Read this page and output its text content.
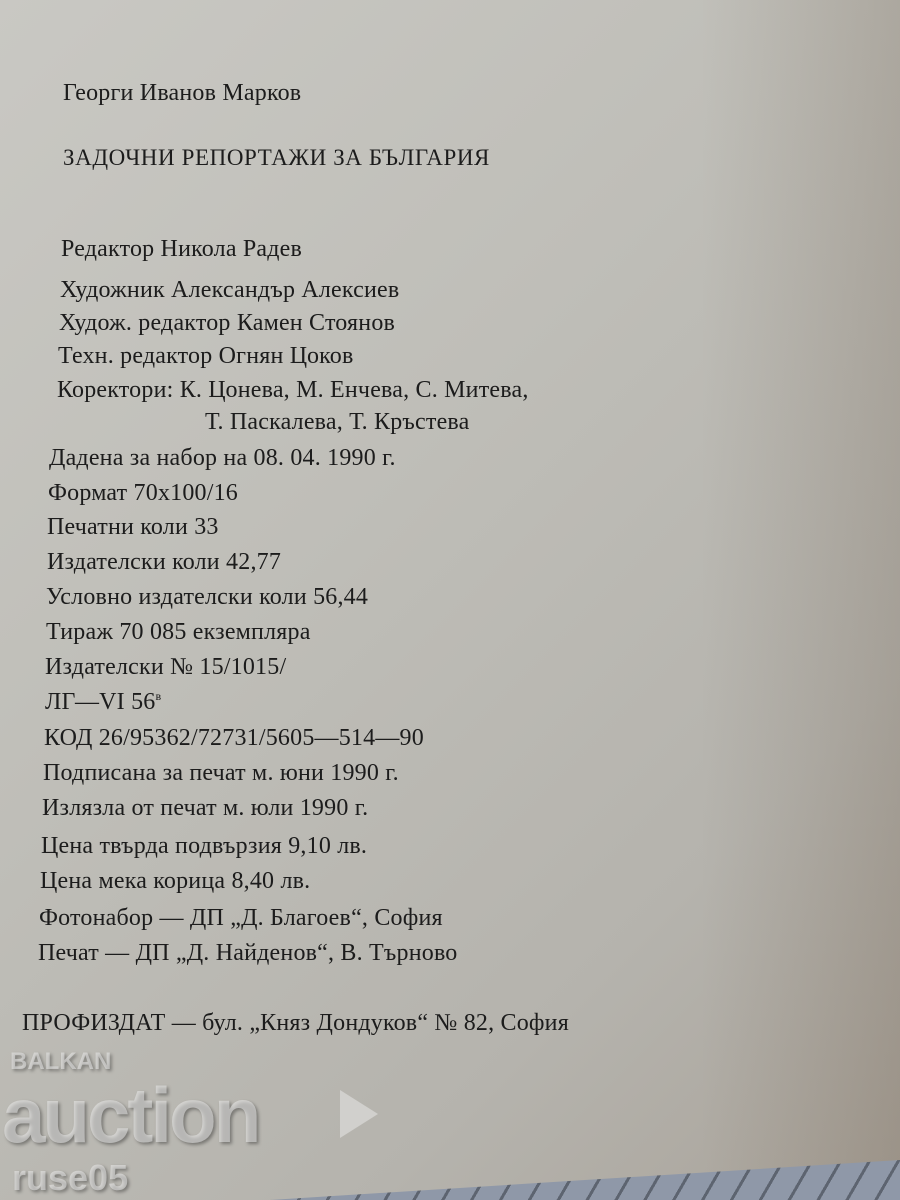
Георги Иванов Марков
ЗАДОЧНИ РЕПОРТАЖИ ЗА БЪЛГАРИЯ
Редактор Никола Радев
Художник Александър Алексиев
Худож. редактор Камен Стоянов
Техн. редактор Огнян Цоков
Коректори: К. Цонева, М. Енчева, С. Митева,
Т. Паскалева, Т. Кръстева
Дадена за набор на 08. 04. 1990 г.
Формат 70x100/16
Печатни коли 33
Издателски коли 42,77
Условно издателски коли 56,44
Тираж 70 085 екземпляра
Издателски № 15/1015/
ЛГ—VI $56^в$
КОД 26/95362/72731/5605—514—90
Подписана за печат м. юни 1990 г.
Излязла от печат м. юли 1990 г.
Цена твърда подвързия 9,10 лв.
Цена мека корица 8,40 лв.
Фотонабор — ДП „Д. Благоев“, София
Печат — ДП „Д. Найденов“, В. Търново
ПРОФИЗДАТ — бул. „Княз Дондуков“ № 82, София
BALKAN
auction
ruse05
